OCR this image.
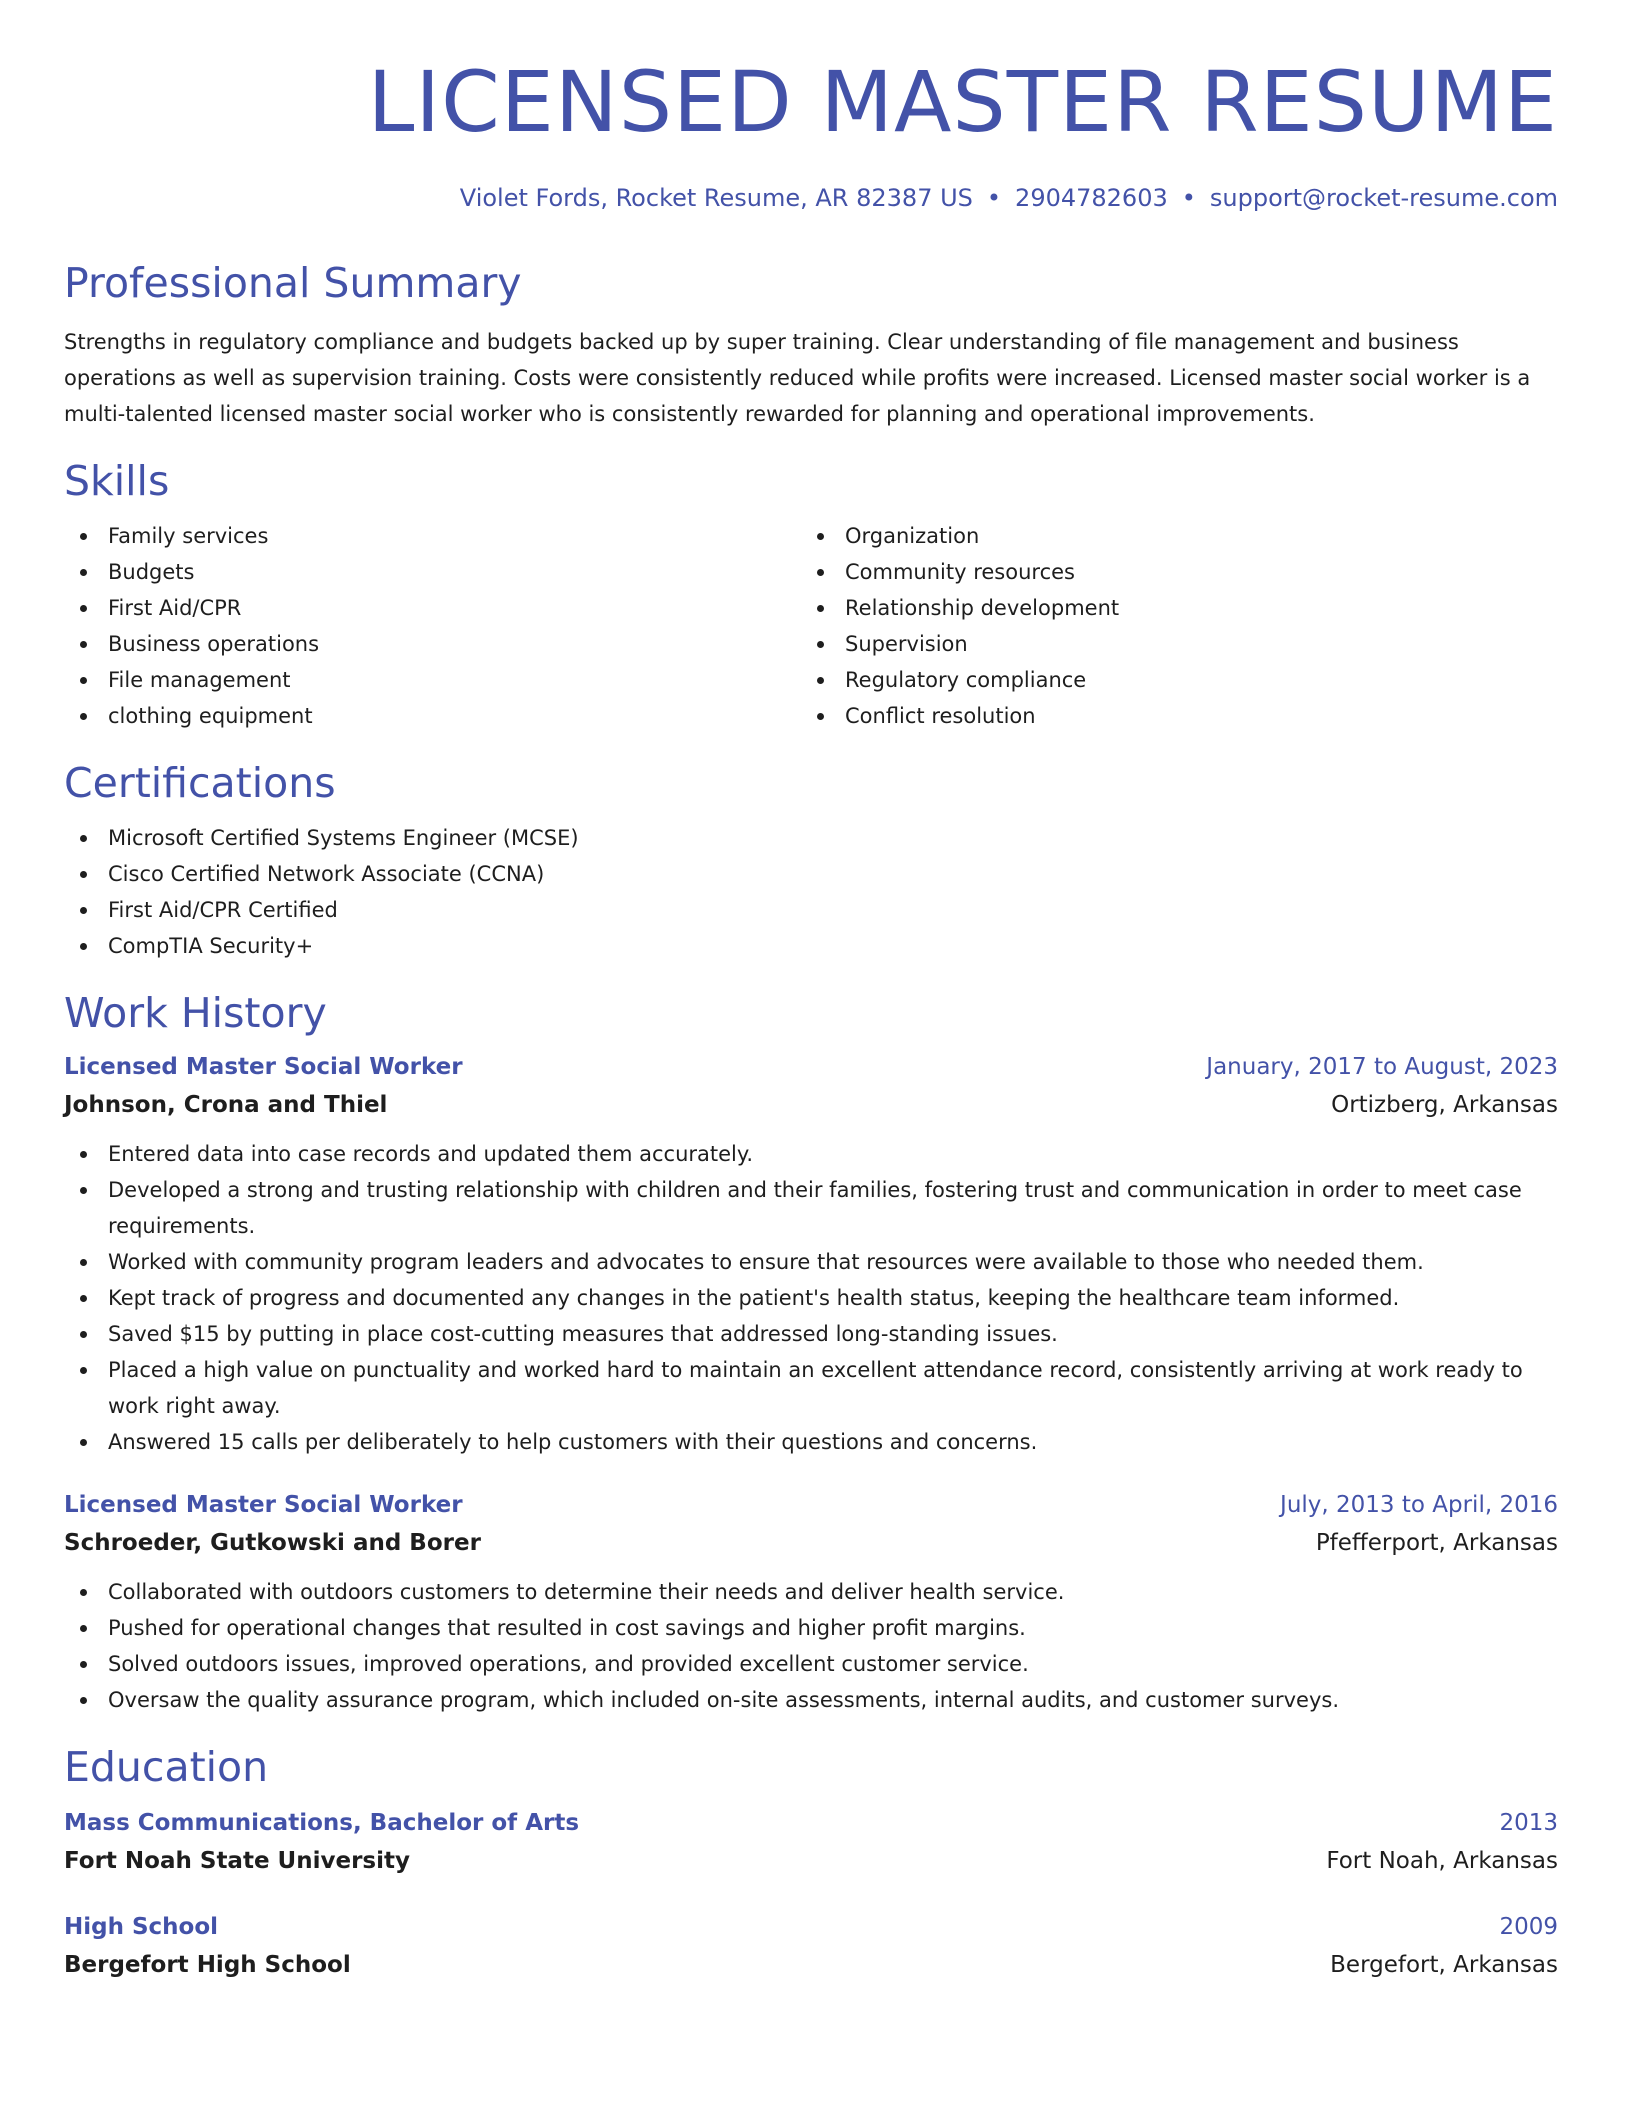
LICENSED MASTER RESUME
Violet Fords, Rocket Resume, AR 82387 US • 2904782603 • support@rocket-resume.com
Professional Summary

Strengths in regulatory compliance and budgets backed up by super training. Clear understanding of file management and business operations as well as supervision training. Costs were consistently reduced while profits were increased. Licensed master social worker is a multi-talented licensed master social worker who is consistently rewarded for planning and operational improvements.

Skills
Family services
Budgets
First Aid/CPR
Business operations
File management
clothing equipment
Organization
Community resources
Relationship development
Supervision
Regulatory compliance
Conflict resolution
Certifications
Microsoft Certified Systems Engineer (MCSE)
Cisco Certified Network Associate (CCNA)
First Aid/CPR Certified
CompTIA Security+
Work History
Licensed Master Social Worker	January, 2017 to August, 2023
Johnson, Crona and Thiel	Ortizberg, Arkansas
Entered data into case records and updated them accurately.
Developed a strong and trusting relationship with children and their families, fostering trust and communication in order to meet case requirements.
Worked with community program leaders and advocates to ensure that resources were available to those who needed them.
Kept track of progress and documented any changes in the patient's health status, keeping the healthcare team informed.
Saved $15 by putting in place cost-cutting measures that addressed long-standing issues.
Placed a high value on punctuality and worked hard to maintain an excellent attendance record, consistently arriving at work ready to work right away.
Answered 15 calls per deliberately to help customers with their questions and concerns.
Licensed Master Social Worker	July, 2013 to April, 2016
Schroeder, Gutkowski and Borer	Pfefferport, Arkansas
Collaborated with outdoors customers to determine their needs and deliver health service.
Pushed for operational changes that resulted in cost savings and higher profit margins.
Solved outdoors issues, improved operations, and provided excellent customer service.
Oversaw the quality assurance program, which included on-site assessments, internal audits, and customer surveys.
Education
Mass Communications, Bachelor of Arts	2013
Fort Noah State University	Fort Noah, Arkansas
High School	2009
Bergefort High School	Bergefort, Arkansas
